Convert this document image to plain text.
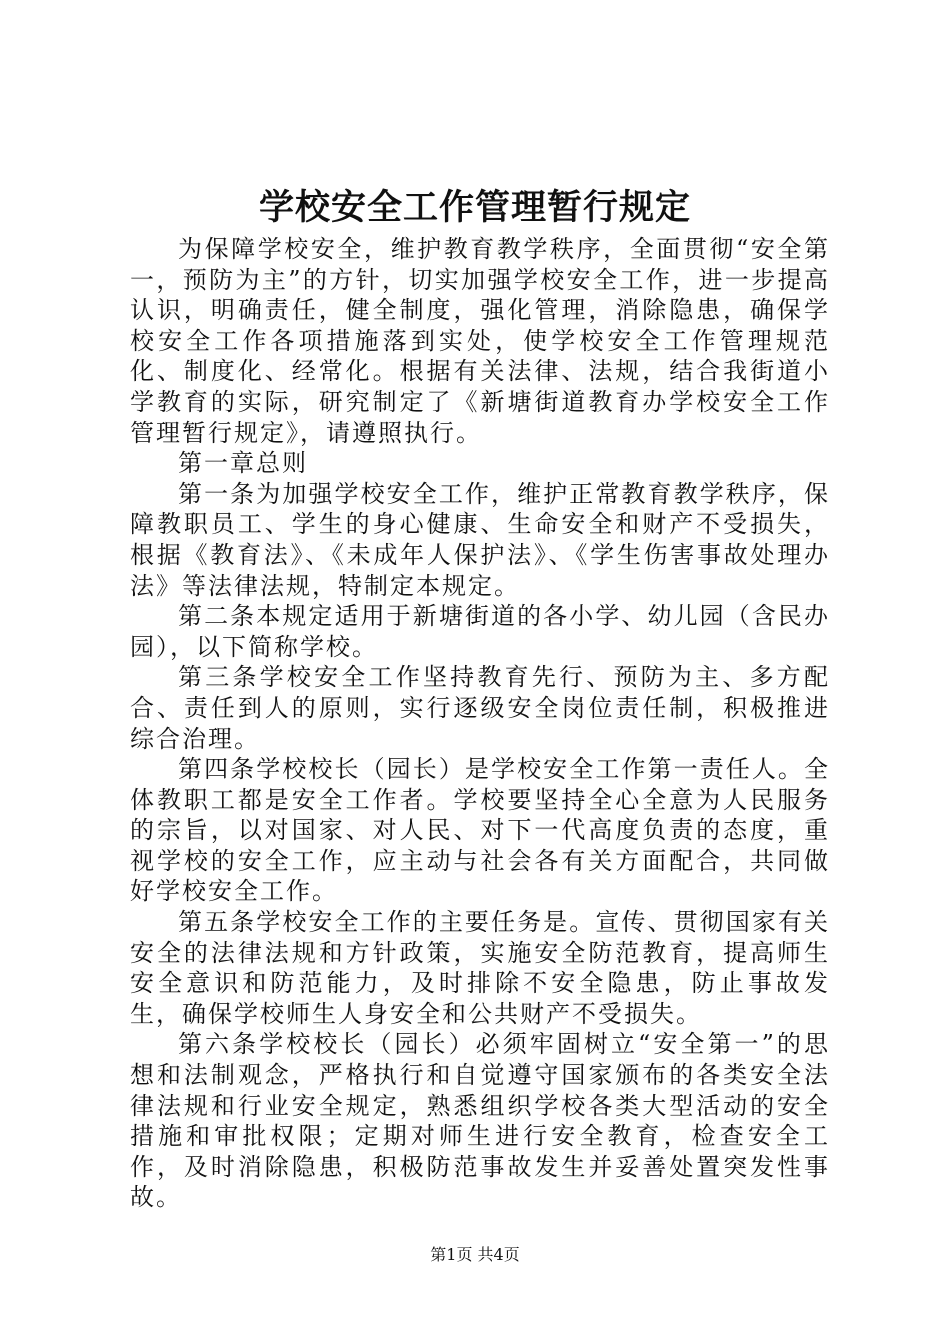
学校安全工作管理暂行规定

为保障学校安全，维护教育教学秩序，全面贯彻“安全第一，预防为主”的方针，切实加强学校安全工作，进一步提高认识，明确责任，健全制度，强化管理，消除隐患，确保学校安全工作各项措施落到实处，使学校安全工作管理规范化、制度化、经常化。根据有关法律、法规，结合我街道小学教育的实际，研究制定了《新塘街道教育办学校安全工作管理暂行规定》，请遵照执行。

第一章总则

第一条为加强学校安全工作，维护正常教育教学秩序，保障教职员工、学生的身心健康、生命安全和财产不受损失，根据《教育法》、《未成年人保护法》、《学生伤害事故处理办法》等法律法规，特制定本规定。

第二条本规定适用于新塘街道的各小学、幼儿园（含民办园），以下简称学校。

第三条学校安全工作坚持教育先行、预防为主、多方配合、责任到人的原则，实行逐级安全岗位责任制，积极推进综合治理。

第四条学校校长（园长）是学校安全工作第一责任人。全体教职工都是安全工作者。学校要坚持全心全意为人民服务的宗旨，以对国家、对人民、对下一代高度负责的态度，重视学校的安全工作，应主动与社会各有关方面配合，共同做好学校安全工作。

第五条学校安全工作的主要任务是。宣传、贯彻国家有关安全的法律法规和方针政策，实施安全防范教育，提高师生安全意识和防范能力，及时排除不安全隐患，防止事故发生，确保学校师生人身安全和公共财产不受损失。

第六条学校校长（园长）必须牢固树立“安全第一”的思想和法制观念，严格执行和自觉遵守国家颁布的各类安全法律法规和行业安全规定，熟悉组织学校各类大型活动的安全措施和审批权限；定期对师生进行安全教育，检查安全工作，及时消除隐患，积极防范事故发生并妥善处置突发性事故。

第1页 共4页
